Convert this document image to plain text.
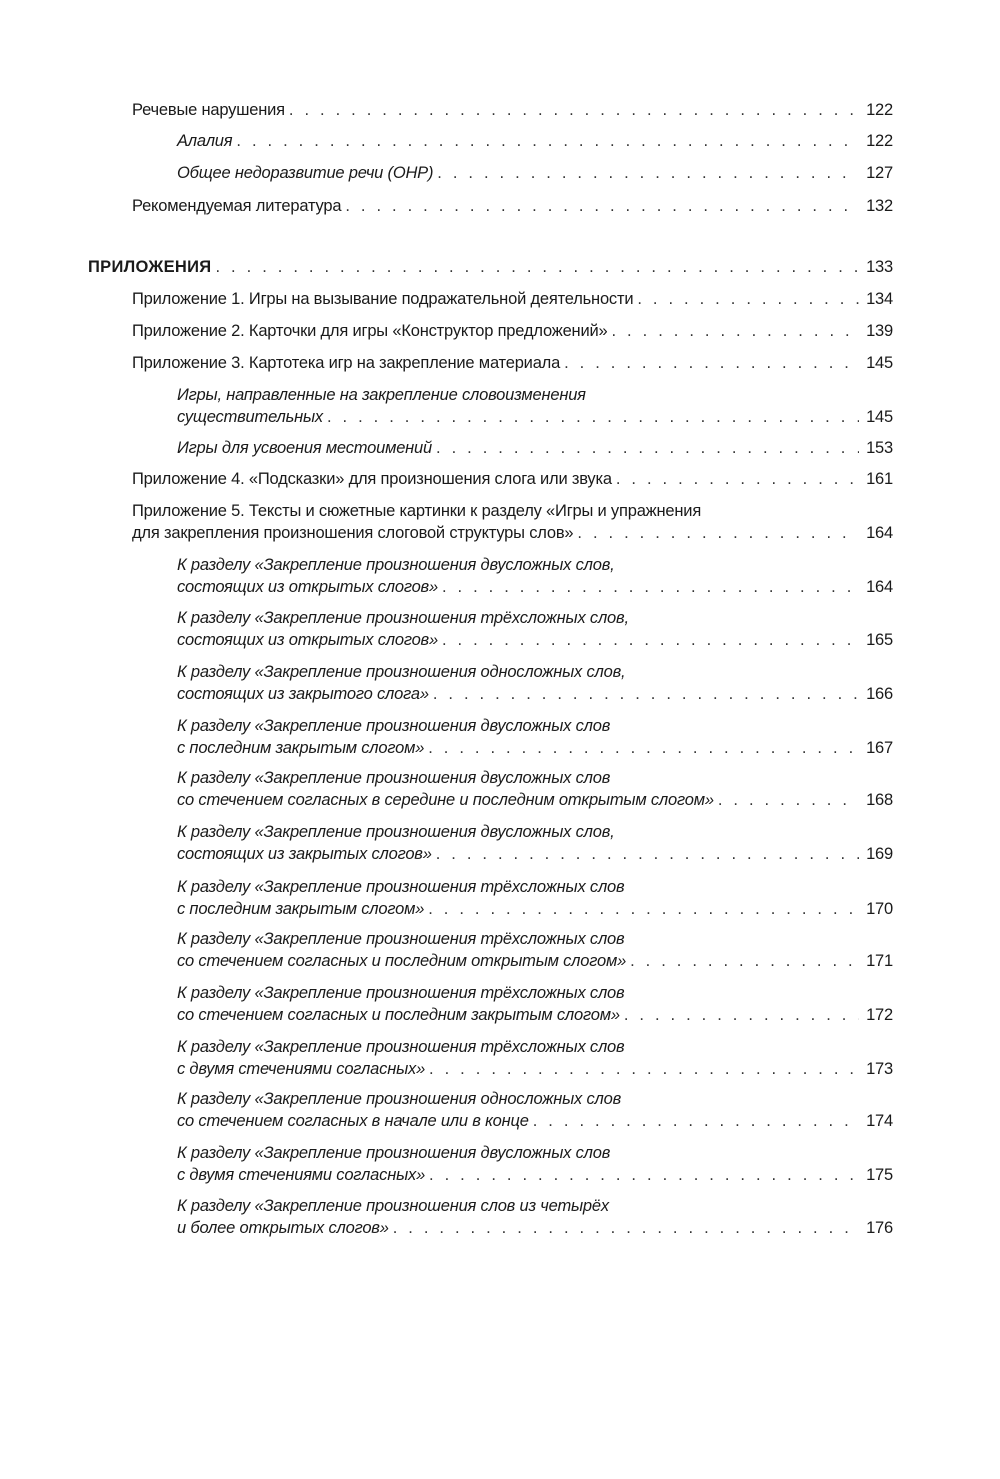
Речевые нарушения . . .	122
Алалия . . .	122
Общее недоразвитие речи (ОНР) . . .	127
Рекомендуемая литература . . .	132
ПРИЛОЖЕНИЯ . . .	133
Приложение 1. Игры на вызывание подражательной деятельности . . .	134
Приложение 2. Карточки для игры «Конструктор предложений» . . .	139
Приложение 3. Картотека игр на закрепление материала . . .	145
Игры, направленные на закрепление словоизменения
существительных . . .	145
Игры для усвоения местоимений . . .	153
Приложение 4. «Подсказки» для произношения слога или звука . . .	161
Приложение 5. Тексты и сюжетные картинки к разделу «Игры и упражнения
для закрепления произношения слоговой структуры слов» . . .	164
К разделу «Закрепление произношения двусложных слов,
состоящих из открытых слогов» . . .	164
К разделу «Закрепление произношения трёхсложных слов,
состоящих из открытых слогов» . . .	165
К разделу «Закрепление произношения односложных слов,
состоящих из закрытого слога» . . .	166
К разделу «Закрепление произношения двусложных слов
с последним закрытым слогом» . . .	167
К разделу «Закрепление произношения двусложных слов
со стечением согласных в середине и последним открытым слогом» . . .	168
К разделу «Закрепление произношения двусложных слов,
состоящих из закрытых слогов» . . .	169
К разделу «Закрепление произношения трёхсложных слов
с последним закрытым слогом» . . .	170
К разделу «Закрепление произношения трёхсложных слов
со стечением согласных и последним открытым слогом» . . .	171
К разделу «Закрепление произношения трёхсложных слов
со стечением согласных и последним закрытым слогом» . . .	172
К разделу «Закрепление произношения трёхсложных слов
с двумя стечениями согласных» . . .	173
К разделу «Закрепление произношения односложных слов
со стечением согласных в начале или в конце . . .	174
К разделу «Закрепление произношения двусложных слов
с двумя стечениями согласных» . . .	175
К разделу «Закрепление произношения слов из четырёх
и более открытых слогов» . . .	176
